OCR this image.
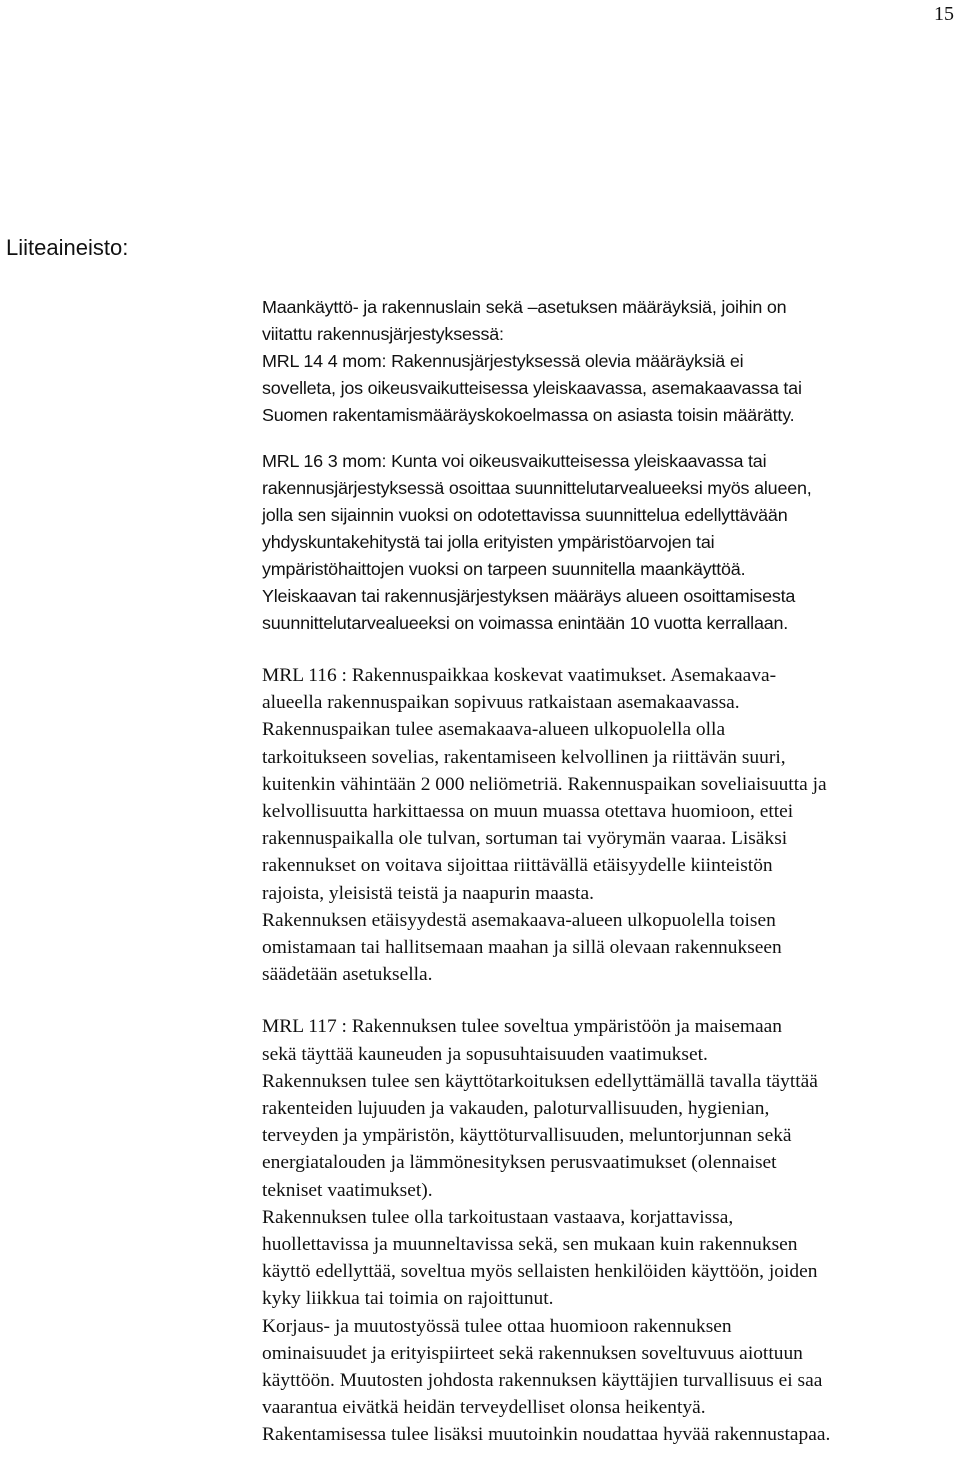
15
Liiteaineisto:

Maankäyttö- ja rakennuslain sekä –asetuksen määräyksiä, joihin on
viitattu rakennusjärjestyksessä:
MRL 14 4 mom: Rakennusjärjestyksessä olevia määräyksiä ei
sovelleta, jos oikeusvaikutteisessa yleiskaavassa, asemakaavassa tai
Suomen rakentamismääräyskokoelmassa on asiasta toisin määrätty.

MRL 16 3 mom: Kunta voi oikeusvaikutteisessa yleiskaavassa tai
rakennusjärjestyksessä osoittaa suunnittelutarvealueeksi myös alueen,
jolla sen sijainnin vuoksi on odotettavissa suunnittelua edellyttävään
yhdyskuntakehitystä tai jolla erityisten ympäristöarvojen tai
ympäristöhaittojen vuoksi on tarpeen suunnitella maankäyttöä.
Yleiskaavan tai rakennusjärjestyksen määräys alueen osoittamisesta
suunnittelutarvealueeksi on voimassa enintään 10 vuotta kerrallaan.

MRL 116 : Rakennuspaikkaa koskevat vaatimukset. Asemakaava-
alueella rakennuspaikan sopivuus ratkaistaan asemakaavassa.
Rakennuspaikan tulee asemakaava-alueen ulkopuolella olla
tarkoitukseen sovelias, rakentamiseen kelvollinen ja riittävän suuri,
kuitenkin vähintään 2 000 neliömetriä. Rakennuspaikan soveliaisuutta ja
kelvollisuutta harkittaessa on muun muassa otettava huomioon, ettei
rakennuspaikalla ole tulvan, sortuman tai vyörymän vaaraa. Lisäksi
rakennukset on voitava sijoittaa riittävällä etäisyydelle kiinteistön
rajoista, yleisistä teistä ja naapurin maasta.
Rakennuksen etäisyydestä asemakaava-alueen ulkopuolella toisen
omistamaan tai hallitsemaan maahan ja sillä olevaan rakennukseen
säädetään asetuksella.

MRL 117 : Rakennuksen tulee soveltua ympäristöön ja maisemaan
sekä täyttää kauneuden ja sopusuhtaisuuden vaatimukset.
Rakennuksen tulee sen käyttötarkoituksen edellyttämällä tavalla täyttää
rakenteiden lujuuden ja vakauden, paloturvallisuuden, hygienian,
terveyden ja ympäristön, käyttöturvallisuuden, meluntorjunnan sekä
energiatalouden ja lämmönesityksen perusvaatimukset (olennaiset
tekniset vaatimukset).
Rakennuksen tulee olla tarkoitustaan vastaava, korjattavissa,
huollettavissa ja muunneltavissa sekä, sen mukaan kuin rakennuksen
käyttö edellyttää, soveltua myös sellaisten henkilöiden käyttöön, joiden
kyky liikkua tai toimia on rajoittunut.
Korjaus- ja muutostyössä tulee ottaa huomioon rakennuksen
ominaisuudet ja erityispiirteet sekä rakennuksen soveltuvuus aiottuun
käyttöön. Muutosten johdosta rakennuksen käyttäjien turvallisuus ei saa
vaarantua eivätkä heidän terveydelliset olonsa heikentyä.
Rakentamisessa tulee lisäksi muutoinkin noudattaa hyvää rakennustapaa.
